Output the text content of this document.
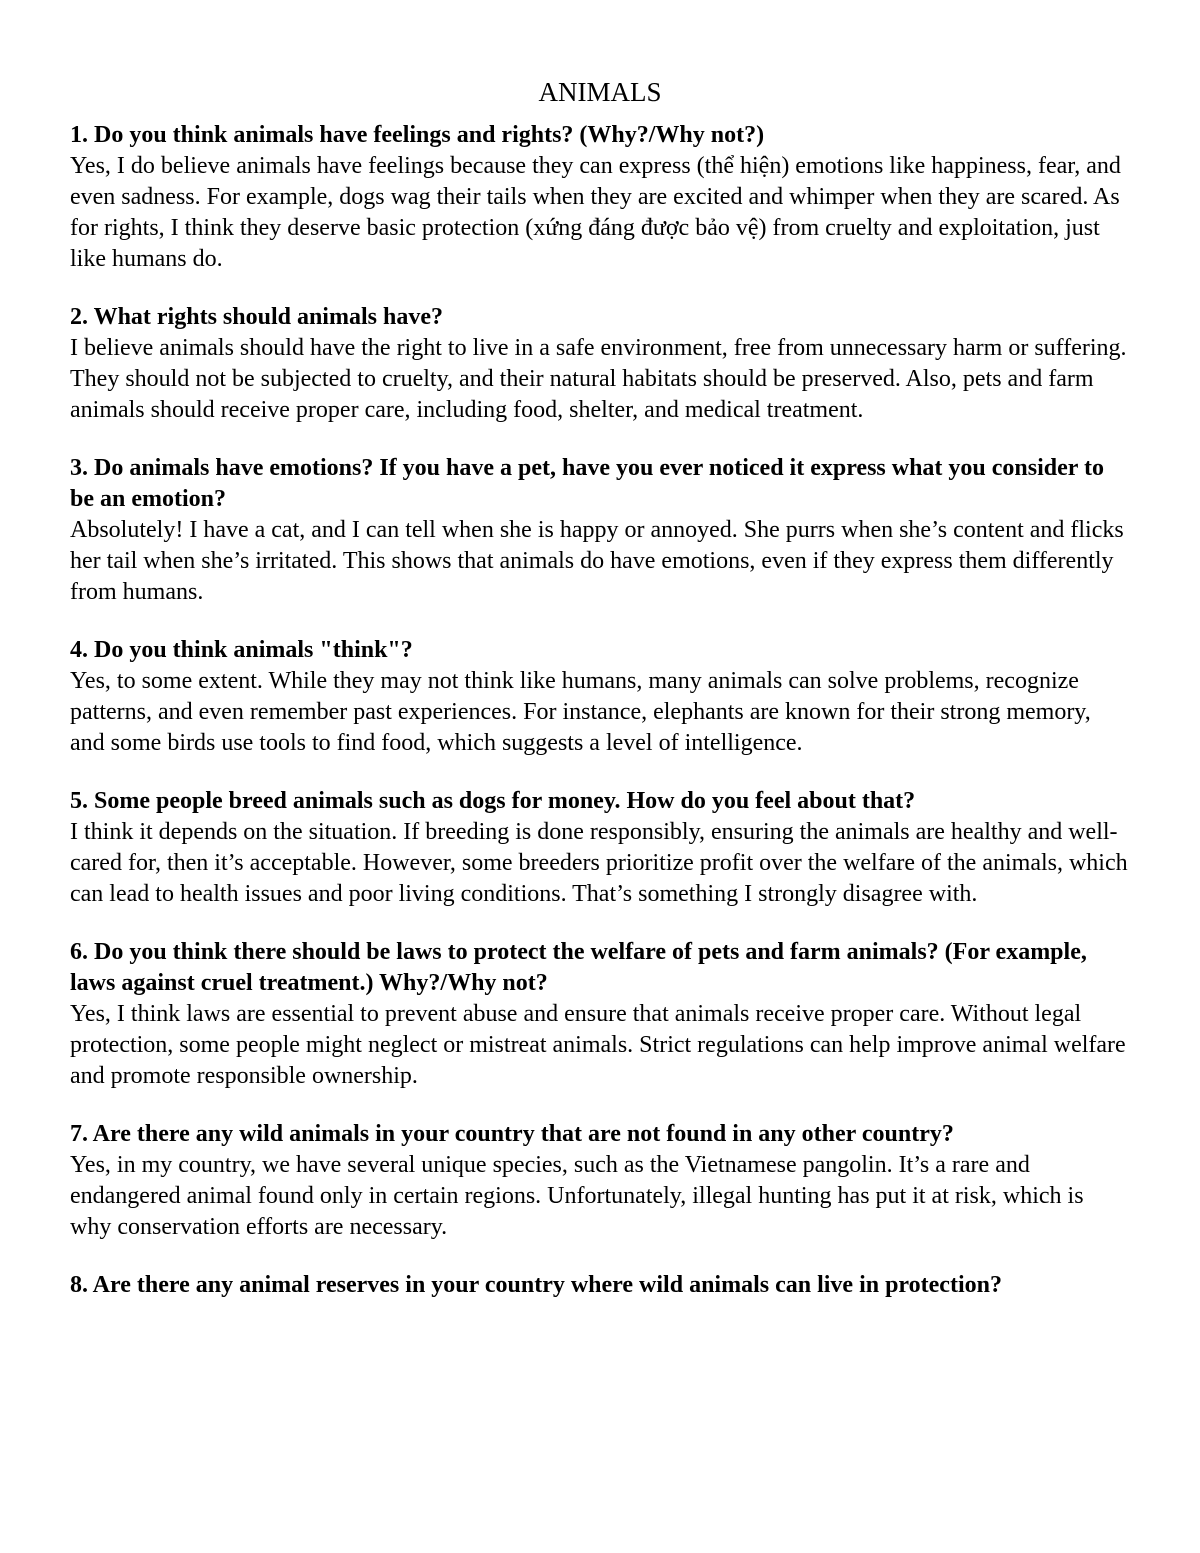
ANIMALS

1. Do you think animals have feelings and rights? (Why?/Why not?)

Yes, I do believe animals have feelings because they can express (thể hiện) emotions like happiness, fear, and even sadness. For example, dogs wag their tails when they are excited and whimper when they are scared. As for rights, I think they deserve basic protection (xứng đáng được bảo vệ) from cruelty and exploitation, just like humans do.

2. What rights should animals have?

I believe animals should have the right to live in a safe environment, free from unnecessary harm or suffering. They should not be subjected to cruelty, and their natural habitats should be preserved. Also, pets and farm animals should receive proper care, including food, shelter, and medical treatment.

3. Do animals have emotions? If you have a pet, have you ever noticed it express what you consider to be an emotion?

Absolutely! I have a cat, and I can tell when she is happy or annoyed. She purrs when she’s content and flicks her tail when she’s irritated. This shows that animals do have emotions, even if they express them differently from humans.

4. Do you think animals "think"?

Yes, to some extent. While they may not think like humans, many animals can solve problems, recognize patterns, and even remember past experiences. For instance, elephants are known for their strong memory, and some birds use tools to find food, which suggests a level of intelligence.

5. Some people breed animals such as dogs for money. How do you feel about that?

I think it depends on the situation. If breeding is done responsibly, ensuring the animals are healthy and well-cared for, then it’s acceptable. However, some breeders prioritize profit over the welfare of the animals, which can lead to health issues and poor living conditions. That’s something I strongly disagree with.

6. Do you think there should be laws to protect the welfare of pets and farm animals? (For example, laws against cruel treatment.) Why?/Why not?

Yes, I think laws are essential to prevent abuse and ensure that animals receive proper care. Without legal protection, some people might neglect or mistreat animals. Strict regulations can help improve animal welfare and promote responsible ownership.

7. Are there any wild animals in your country that are not found in any other country?

Yes, in my country, we have several unique species, such as the Vietnamese pangolin. It’s a rare and endangered animal found only in certain regions. Unfortunately, illegal hunting has put it at risk, which is why conservation efforts are necessary.

8. Are there any animal reserves in your country where wild animals can live in protection?
